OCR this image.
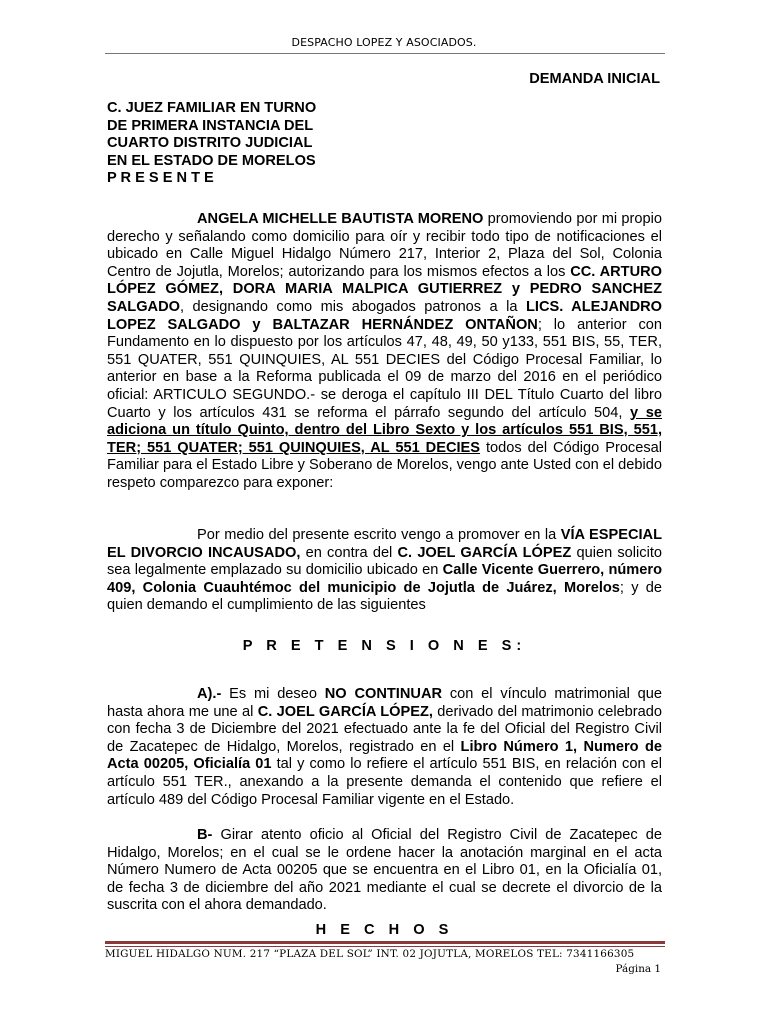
DESPACHO LOPEZ Y ASOCIADOS.
DEMANDA INICIAL
C. JUEZ FAMILIAR EN TURNO
DE PRIMERA INSTANCIA DEL
CUARTO DISTRITO JUDICIAL
EN EL ESTADO DE MORELOS
P R E S E N T E

ANGELA MICHELLE BAUTISTA MORENO promoviendo por mi propio derecho y señalando como domicilio para oír y recibir todo tipo de notificaciones el ubicado en Calle Miguel Hidalgo Número 217, Interior 2, Plaza del Sol, Colonia Centro de Jojutla, Morelos; autorizando para los mismos efectos a los CC. ARTURO LÓPEZ GÓMEZ, DORA MARIA MALPICA GUTIERREZ y PEDRO SANCHEZ SALGADO, designando como mis abogados patronos a la LICS. ALEJANDRO LOPEZ SALGADO y BALTAZAR HERNÁNDEZ ONTAÑON; lo anterior con Fundamento en lo dispuesto por los artículos 47, 48, 49, 50 y133, 551 BIS, 55, TER, 551 QUATER, 551 QUINQUIES, AL 551 DECIES del Código Procesal Familiar, lo anterior en base a la Reforma publicada el 09 de marzo del 2016 en el periódico oficial: ARTICULO SEGUNDO.- se deroga el capítulo III DEL Título Cuarto del libro Cuarto y los artículos 431 se reforma el párrafo segundo del artículo 504, y se adiciona un título Quinto, dentro del Libro Sexto y los artículos 551 BIS, 551, TER; 551 QUATER; 551 QUINQUIES, AL 551 DECIES todos del Código Procesal Familiar para el Estado Libre y Soberano de Morelos, vengo ante Usted con el debido respeto comparezco para exponer:

Por medio del presente escrito vengo a promover en la VÍA ESPECIAL EL DIVORCIO INCAUSADO, en contra del C. JOEL GARCÍA LÓPEZ quien solicito sea legalmente emplazado su domicilio ubicado en Calle Vicente Guerrero, número 409, Colonia Cuauhtémoc del municipio de Jojutla de Juárez, Morelos; y de quien demando el cumplimiento de las siguientes

P R E T E N S I O N E S:

A).- Es mi deseo NO CONTINUAR con el vínculo matrimonial que hasta ahora me une al C. JOEL GARCÍA LÓPEZ, derivado del matrimonio celebrado con fecha 3 de Diciembre del 2021 efectuado ante la fe del Oficial del Registro Civil de Zacatepec de Hidalgo, Morelos, registrado en el Libro Número 1, Numero de Acta 00205, Oficialía 01 tal y como lo refiere el artículo 551 BIS, en relación con el artículo 551 TER., anexando a la presente demanda el contenido que refiere el artículo 489 del Código Procesal Familiar vigente en el Estado.

B- Girar atento oficio al Oficial del Registro Civil de Zacatepec de Hidalgo, Morelos; en el cual se le ordene hacer la anotación marginal en el acta Número Numero de Acta 00205 que se encuentra en el Libro 01, en la Oficialía 01, de fecha 3 de diciembre del año 2021 mediante el cual se decrete el divorcio de la suscrita con el ahora demandado.

H E C H O S
MIGUEL HIDALGO NUM. 217 “PLAZA DEL SOL” INT. 02 JOJUTLA, MORELOS TEL: 7341166305
Página 1
